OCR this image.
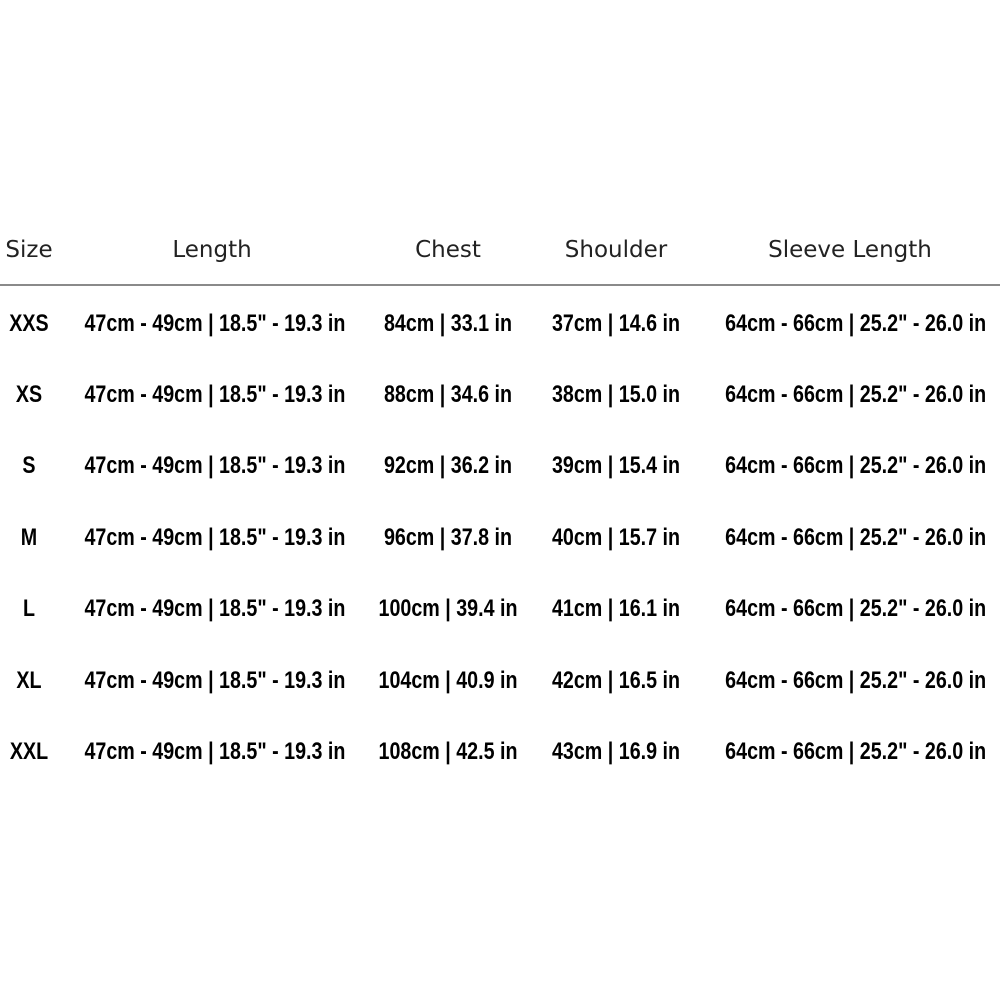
Size	Length	Chest	Shoulder	Sleeve Length
XXS 47cm - 49cm | 18.5" - 19.3 in	84cm | 33.1 in	37cm | 14.6 in 64cm - 66cm | 25.2" - 26.0 in
XS	47cm - 49cm | 18.5" - 19.3 in	88cm | 34.6 in	38cm | 15.0 in 64cm - 66cm | 25.2" - 26.0 in
S	47cm - 49cm | 18.5" - 19.3 in	92cm | 36.2 in	39cm | 15.4 in 64cm - 66cm | 25.2" - 26.0 in
M	47cm - 49cm | 18.5" - 19.3 in	96cm | 37.8 in	40cm | 15.7 in 64cm - 66cm | 25.2" - 26.0 in
L	47cm - 49cm | 18.5" - 19.3 in 100cm | 39.4 in 41cm | 16.1 in 64cm - 66cm | 25.2" - 26.0 in
XL	47cm - 49cm | 18.5" - 19.3 in 104cm | 40.9 in 42cm | 16.5 in 64cm - 66cm | 25.2" - 26.0 in
XXL 47cm - 49cm | 18.5" - 19.3 in 108cm | 42.5 in 43cm | 16.9 in 64cm - 66cm | 25.2" - 26.0 in
